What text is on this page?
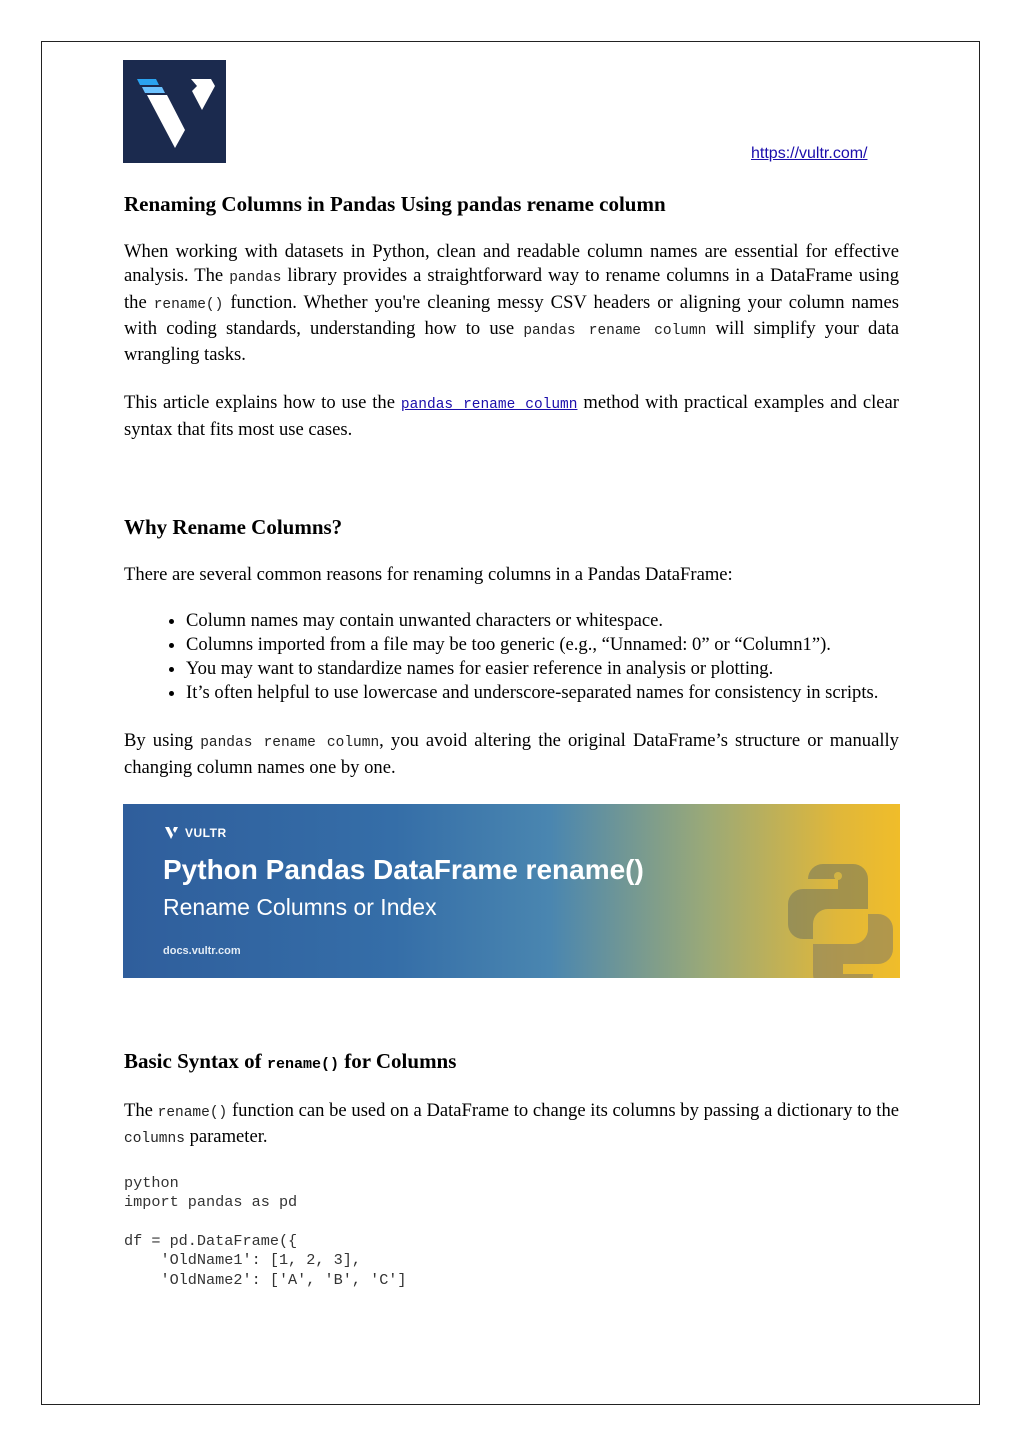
https://vultr.com/
Renaming Columns in Pandas Using pandas rename column

When working with datasets in Python, clean and readable column names are essential for effective analysis. The pandas library provides a straightforward way to rename columns in a DataFrame using the rename() function. Whether you're cleaning messy CSV headers or aligning your column names with coding standards, understanding how to use pandas rename column will simplify your data wrangling tasks.

This article explains how to use the pandas rename column method with practical examples and clear syntax that fits most use cases.

Why Rename Columns?

There are several common reasons for renaming columns in a Pandas DataFrame:

• Column names may contain unwanted characters or whitespace.
• Columns imported from a file may be too generic (e.g., “Unnamed: 0” or “Column1”).
• You may want to standardize names for easier reference in analysis or plotting.
• It’s often helpful to use lowercase and underscore-separated names for consistency in scripts.

By using pandas rename column, you avoid altering the original DataFrame’s structure or manually changing column names one by one.

VULTR
Python Pandas DataFrame rename()
Rename Columns or Index
docs.vultr.com
Basic Syntax of rename() for Columns

The rename() function can be used on a DataFrame to change its columns by passing a dictionary to the columns parameter.

python
import pandas as pd

df = pd.DataFrame({
'OldName1': [1, 2, 3],
'OldName2': ['A', 'B', 'C']
